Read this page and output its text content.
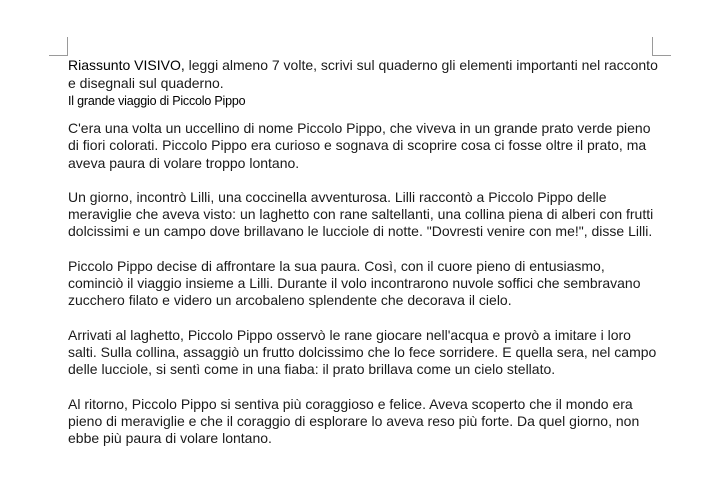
Riassunto VISIVO, leggi almeno 7 volte, scrivi sul quaderno gli elementi importanti nel racconto e disegnali sul quaderno.

Il grande viaggio di Piccolo Pippo

C'era una volta un uccellino di nome Piccolo Pippo, che viveva in un grande prato verde pieno di fiori colorati. Piccolo Pippo era curioso e sognava di scoprire cosa ci fosse oltre il prato, ma aveva paura di volare troppo lontano.

Un giorno, incontrò Lilli, una coccinella avventurosa. Lilli raccontò a Piccolo Pippo delle meraviglie che aveva visto: un laghetto con rane saltellanti, una collina piena di alberi con frutti dolcissimi e un campo dove brillavano le lucciole di notte. "Dovresti venire con me!", disse Lilli.

Piccolo Pippo decise di affrontare la sua paura. Così, con il cuore pieno di entusiasmo, cominciò il viaggio insieme a Lilli. Durante il volo incontrarono nuvole soffici che sembravano zucchero filato e videro un arcobaleno splendente che decorava il cielo.

Arrivati al laghetto, Piccolo Pippo osservò le rane giocare nell'acqua e provò a imitare i loro salti. Sulla collina, assaggiò un frutto dolcissimo che lo fece sorridere. E quella sera, nel campo delle lucciole, si sentì come in una fiaba: il prato brillava come un cielo stellato.

Al ritorno, Piccolo Pippo si sentiva più coraggioso e felice. Aveva scoperto che il mondo era pieno di meraviglie e che il coraggio di esplorare lo aveva reso più forte. Da quel giorno, non ebbe più paura di volare lontano.
